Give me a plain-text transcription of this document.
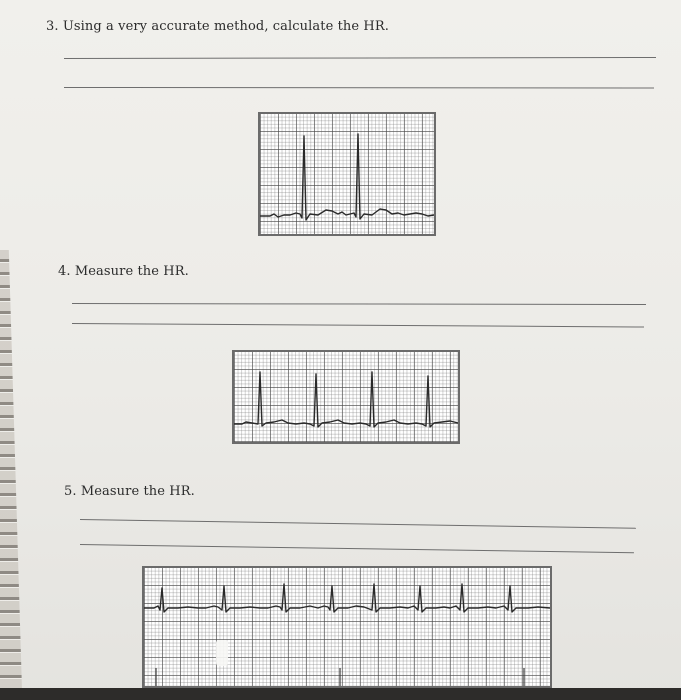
3. Using a very accurate method, calculate the HR.
4. Measure the HR.
5. Measure the HR.
